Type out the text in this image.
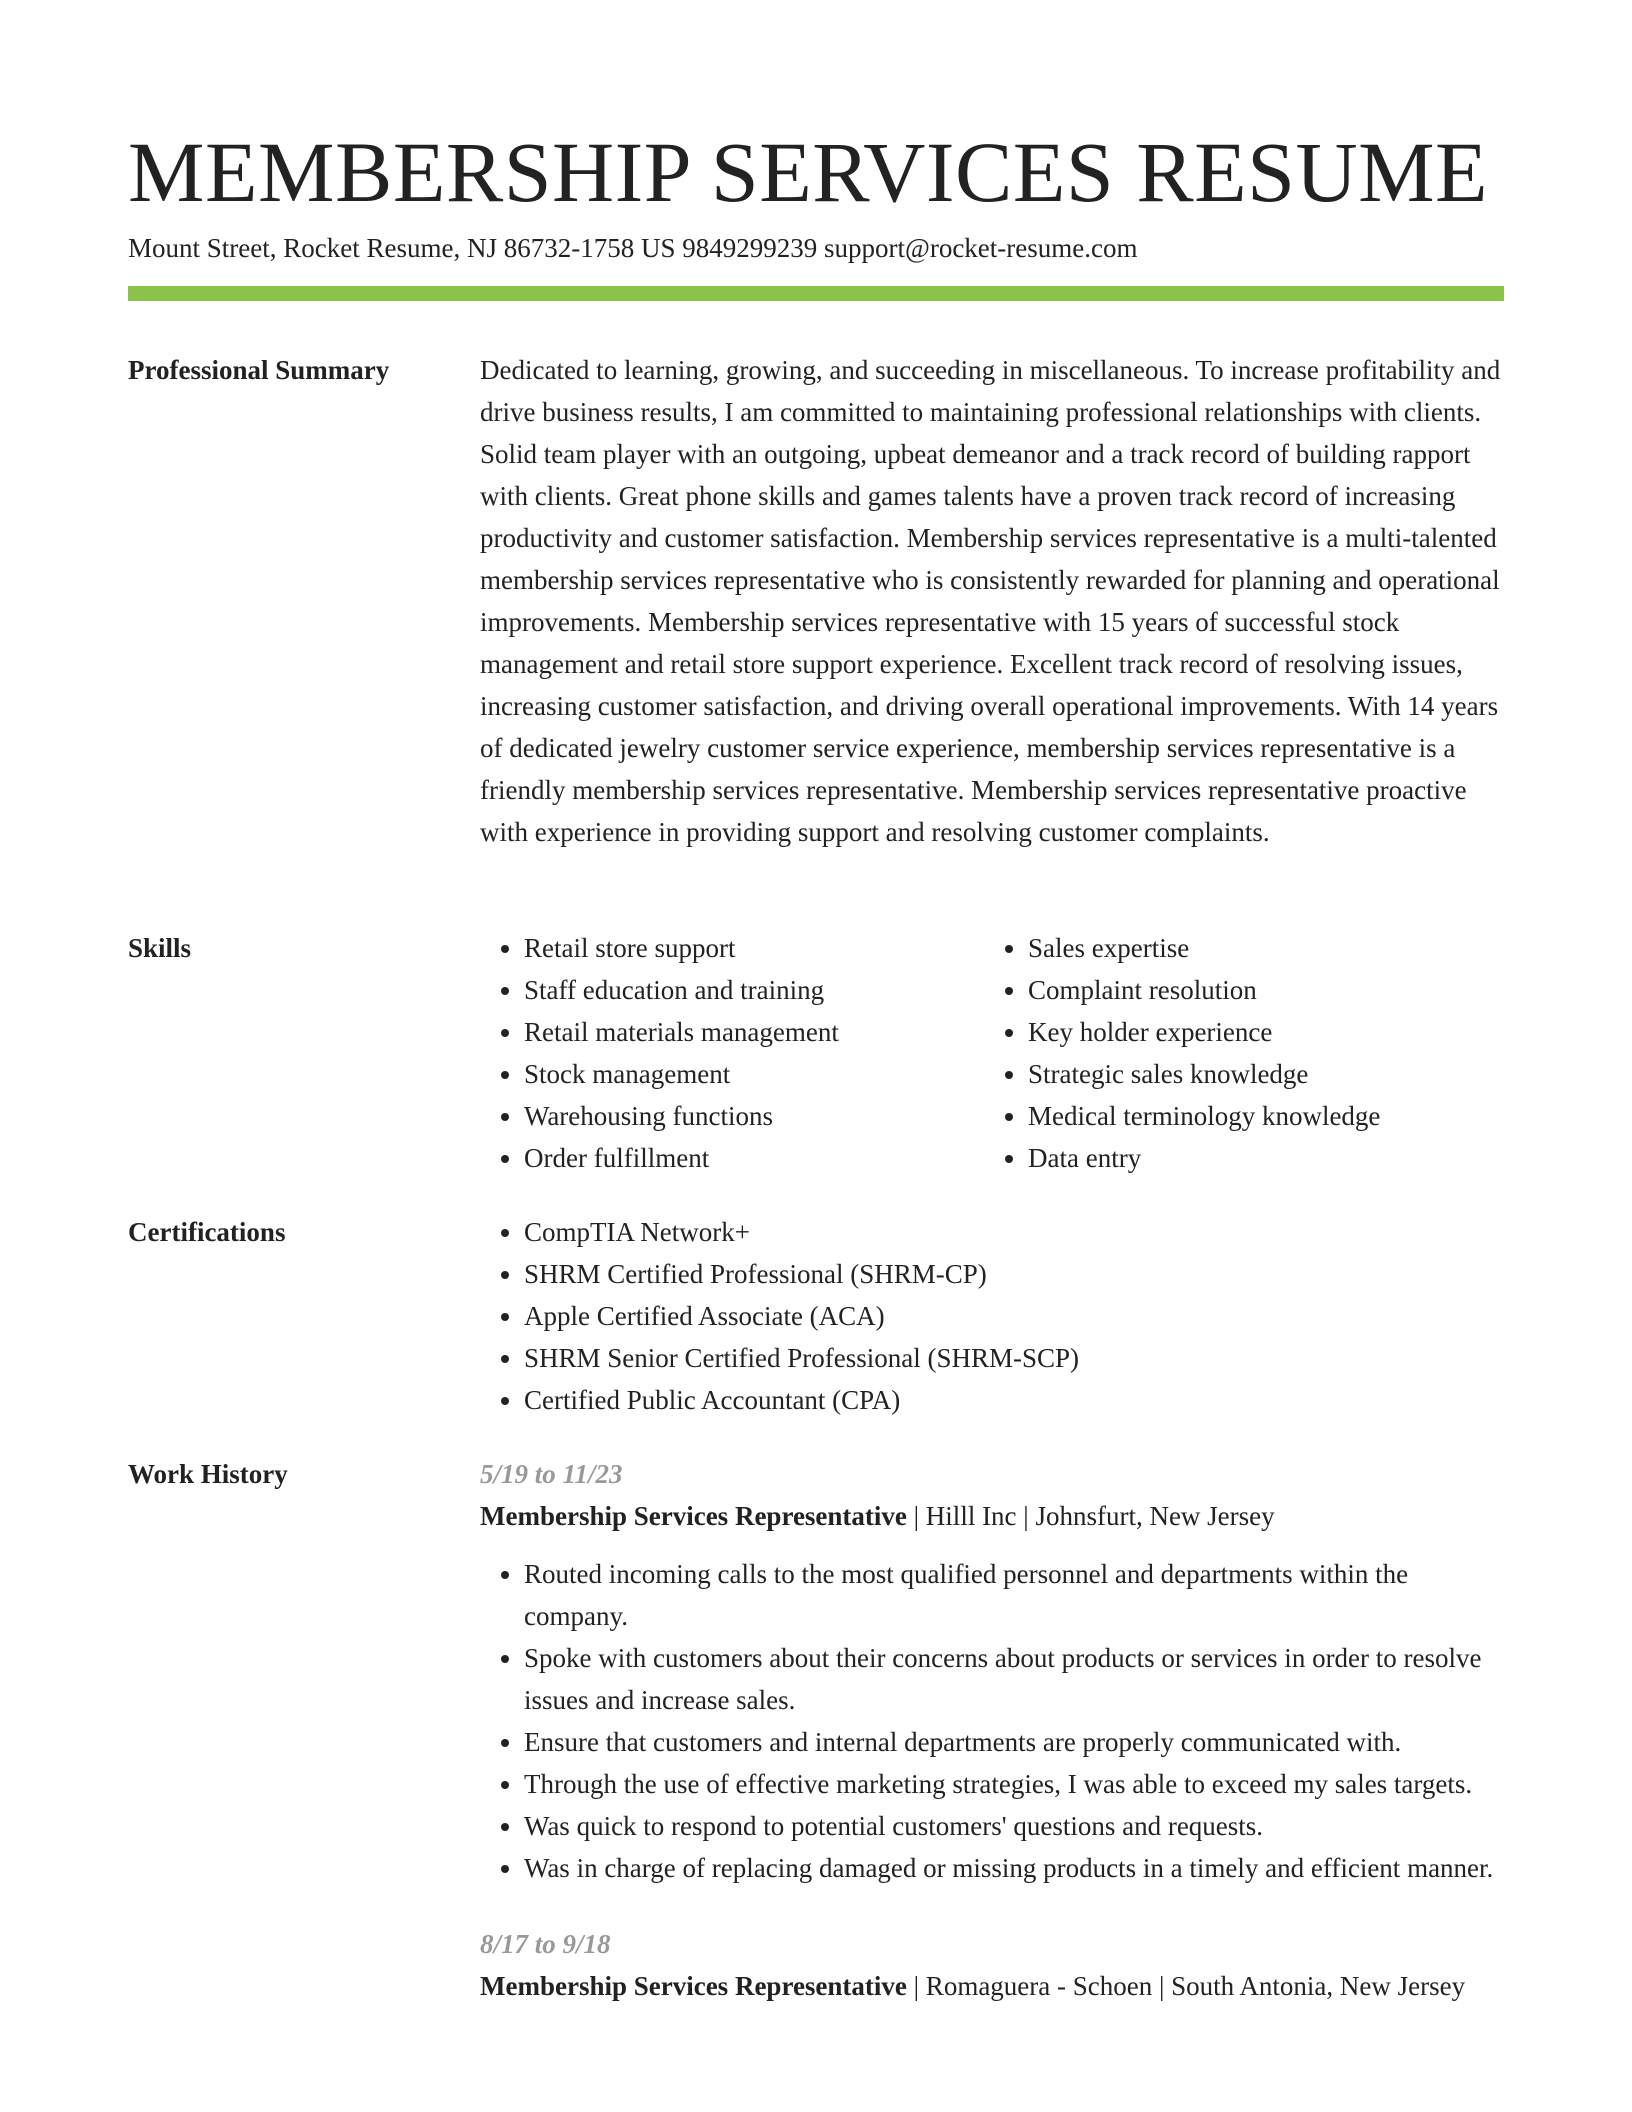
MEMBERSHIP SERVICES RESUME
Mount Street, Rocket Resume, NJ 86732-1758 US 9849299239 support@rocket-resume.com
Professional Summary	Dedicated to learning, growing, and succeeding in miscellaneous. To increase profitability and drive business results, I am committed to maintaining professional relationships with clients. Solid team player with an outgoing, upbeat demeanor and a track record of building rapport with clients. Great phone skills and games talents have a proven track record of increasing productivity and customer satisfaction. Membership services representative is a multi-talented membership services representative who is consistently rewarded for planning and operational improvements. Membership services representative with 15 years of successful stock management and retail store support experience. Excellent track record of resolving issues, increasing customer satisfaction, and driving overall operational improvements. With 14 years of dedicated jewelry customer service experience, membership services representative is a friendly membership services representative. Membership services representative proactive with experience in providing support and resolving customer complaints.

Skills	• Retail store support
• Staff education and training
• Retail materials management
• Stock management
• Warehousing functions
• Order fulfillment
• Sales expertise
• Complaint resolution
• Key holder experience
• Strategic sales knowledge
• Medical terminology knowledge
• Data entry
Certifications	• CompTIA Network+
• SHRM Certified Professional (SHRM-CP)
• Apple Certified Associate (ACA)
• SHRM Senior Certified Professional (SHRM-SCP)
• Certified Public Accountant (CPA)
Work History	5/19 to 11/23
Membership Services Representative | Hilll Inc | Johnsfurt, New Jersey
• Routed incoming calls to the most qualified personnel and departments within the company.
• Spoke with customers about their concerns about products or services in order to resolve issues and increase sales.
• Ensure that customers and internal departments are properly communicated with.
• Through the use of effective marketing strategies, I was able to exceed my sales targets.
• Was quick to respond to potential customers' questions and requests.
• Was in charge of replacing damaged or missing products in a timely and efficient manner.
8/17 to 9/18
Membership Services Representative | Romaguera - Schoen | South Antonia, New Jersey
